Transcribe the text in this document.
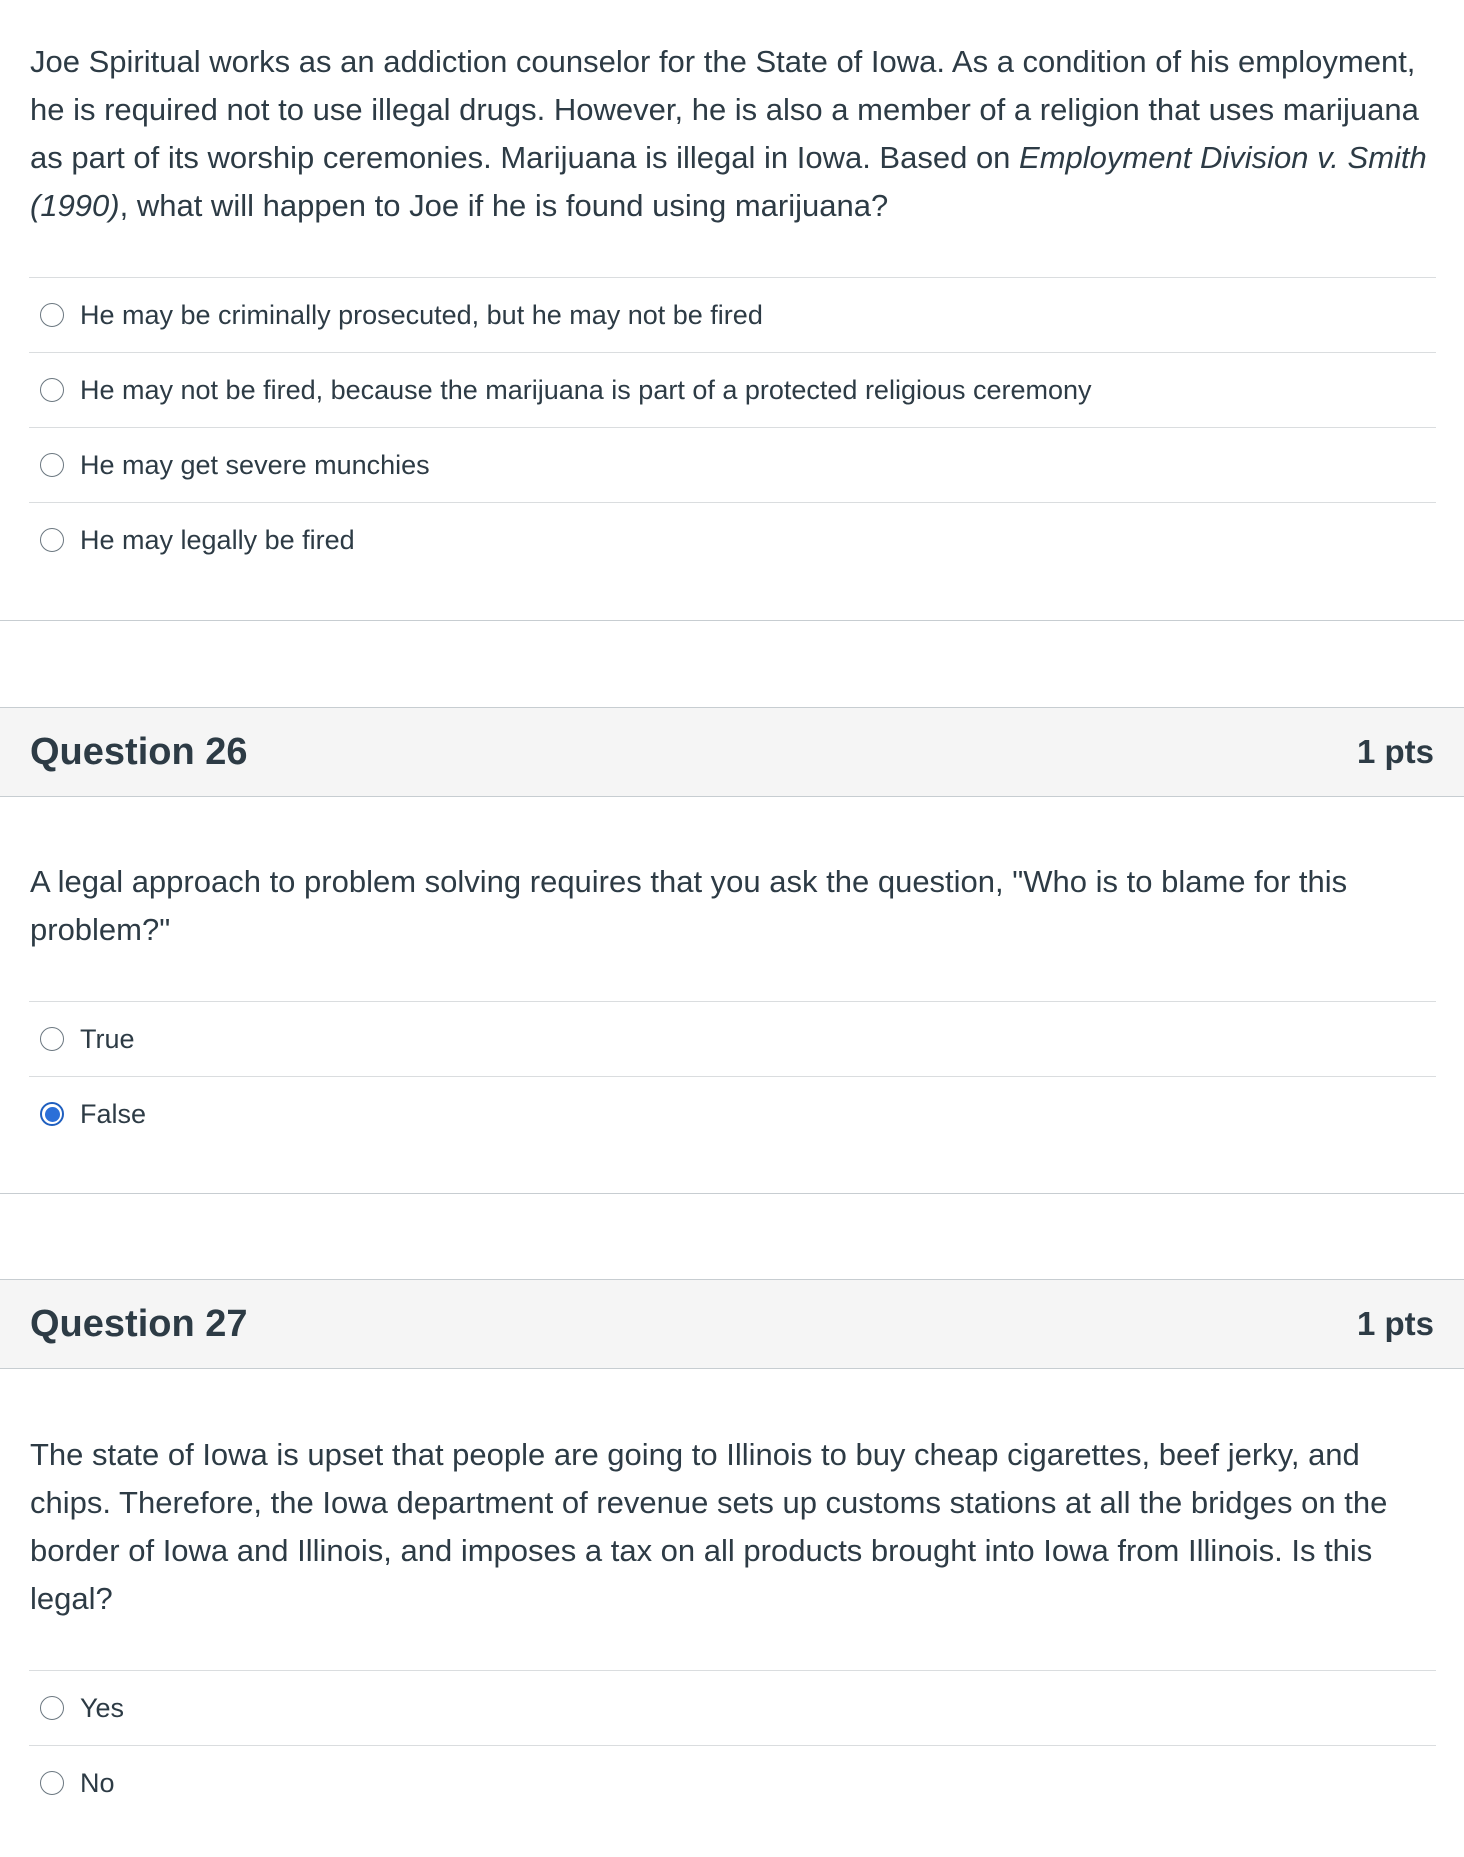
Joe Spiritual works as an addiction counselor for the State of Iowa. As a condition of his employment, he is required not to use illegal drugs. However, he is also a member of a religion that uses marijuana as part of its worship ceremonies. Marijuana is illegal in Iowa. Based on Employment Division v. Smith (1990), what will happen to Joe if he is found using marijuana?
He may be criminally prosecuted, but he may not be fired
He may not be fired, because the marijuana is part of a protected religious ceremony
He may get severe munchies
He may legally be fired
Question 26	1 pts
A legal approach to problem solving requires that you ask the question, "Who is to blame for this problem?"
True
False
Question 27	1 pts
The state of Iowa is upset that people are going to Illinois to buy cheap cigarettes, beef jerky, and chips. Therefore, the Iowa department of revenue sets up customs stations at all the bridges on the border of Iowa and Illinois, and imposes a tax on all products brought into Iowa from Illinois. Is this legal?
Yes
No
